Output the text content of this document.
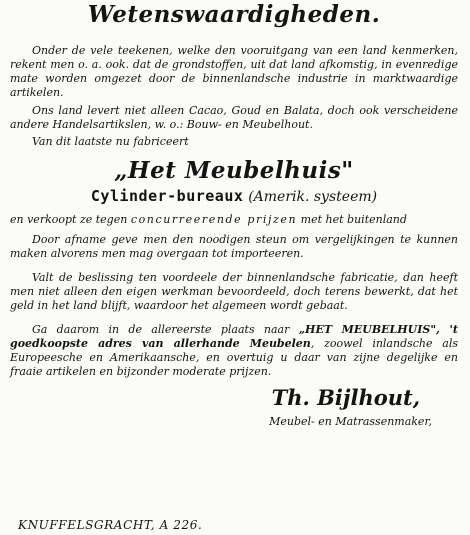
Wetenswaardigheden.

Onder de vele teekenen, welke den vooruitgang van een land kenmerken, rekent men o. a. ook. dat de grondstoffen, uit dat land afkomstig, in evenredige mate worden omgezet door de binnenlandsche industrie in marktwaardige artikelen.

Ons land levert niet alleen Cacao, Goud en Balata, doch ook verscheidene andere Handelsartikslen, w. o.: Bouw- en Meubelhout.

Van dit laatste nu fabriceert

„Het Meubelhuis"
Cylinder-bureaux (Amerik. systeem)

en verkoopt ze tegen concurreerende prijzen met het buitenland

Door afname geve men den noodigen steun om vergelijkingen te kunnen maken alvorens men mag overgaan tot importeeren.

Valt de beslissing ten voordeele der binnenlandsche fabricatie, dan heeft men niet alleen den eigen werkman bevoordeeld, doch terens bewerkt, dat het geld in het land blijft, waardoor het algemeen wordt gebaat.

Ga daarom in de allereerste plaats naar „HET MEUBELHUIS", 't goedkoopste adres van allerhande Meubelen, zoowel inlandsche als Europeesche en Amerikaansche, en overtuig u daar van zijne degelijke en fraaie artikelen en bijzonder moderate prijzen.

Th. Bijlhout,
Meubel- en Matrassenmaker,

KNUFFELSGRACHT, A 226.
